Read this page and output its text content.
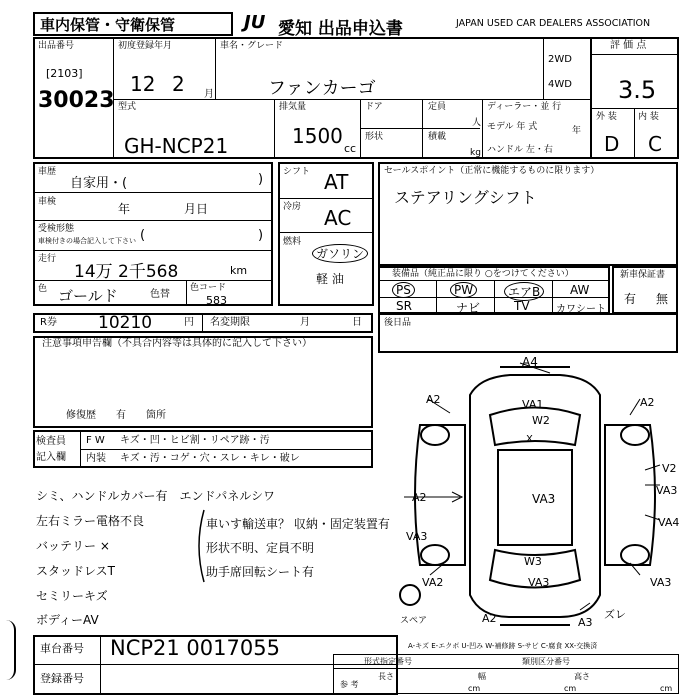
車内保管・守衛保管	JU 愛知 出品申込書	JAPAN USED CAR DEALERS ASSOCIATION
出品番号
[2103]
30023
初度登録年月
12 2 月
車名・グレード
ファンカーゴ
2WD
4WD
評 価 点
3.5
外 装 内 装
D C
型式
GH-NCP21
排気量
1500
cc
ドア
形状
定員
人
積載
kg
ディーラー・並 行
モデル 年 式	年
ハンドル 左・右
車歴
自家用・(	)
車検	年	月日
受検形態
車検付きの場合記入して下さい (	)
走行
14万 2千568	km
色 ゴールド	色替
色コード
583
シフト AT
冷房 AC
燃料
ガソリン
軽 油
セールスポイント（正常に機能するものに限ります）
ステアリングシフト
装備品（純正品に限り ○をつけてください）
PS	PW	エアB	AW
SR	ナビ	TV	カワシート
新車保証書
有 無
R券 10210	円 名変期限	月	日 後日品
注意事項申告欄（不具合内容等は具体的に記入して下さい）
修復歴 有 箇所
検査員
記入欄
F W キズ・凹・ヒビ割・リペア跡・汚
内装 キズ・汚・コゲ・穴・スレ・キレ・破レ
シミ、ハンドルカバー有　エンドパネルシワ
左右ミラー電格不良
バッテリー ×
スタッドレスT
セミリーキズ
ボディーAV
車いす輸送車？ 収納・固定装置有
形状不明、定員不明
助手席回転シート有
車台番号 NCP21 0017055
登録番号
A-キズ E-エクボ U-凹み W-補修跡 S-サビ C-腐食 XX-交換済
形式指定番号	類別区分番号
参 考
長さ	幅	高さ
cm	cm	cm
A4
A2	VA1
W2
X
A2
A2
V2
VA3
VA3
VA4
VA3
W3
VA3
VA2
A2	A3
ズレ
VA3
スペア
